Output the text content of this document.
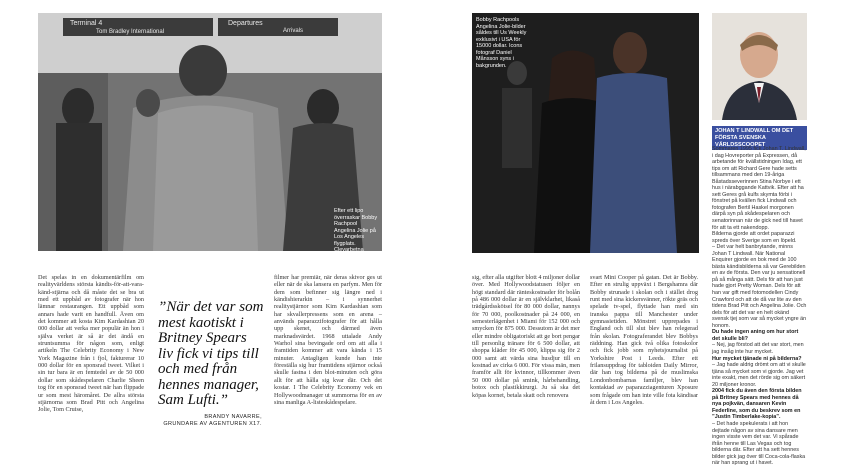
Terminal 4
Tom Bradley International
Departures
Arrivals
Efter ett lipo överraskar Bobby Rachpool Angelina Jolie på Los Angeles flygplats. Clevarbetna mellan bort Bobby, men han får sina bilder.
Bobby Rachpools Angelina Jolie-bilder såldes till Us Weekly exklusivt i USA för 15000 dollar. Icons fotograf Daniel Månsson syns i bakgrunden.
JOHAN T LINDWALL OM DET FÖRSTA SVENSKA VÄRLDSSCOOPET

Sommaren 1995 fick Johan T. Lindwall, i dag Hovreporter på Expressen, då arbetande för kvällstidningen Idag, ett tips om att Richard Gere hade setts tillsammans med den 19-åriga Båstadsseverinnen Stina Norbye i ett hus i närabggande Kattvik. Efter att ha sett Geres grå kulfs skymta förbi i fönstret på kvällen fick Lindwall och fotografen Bertil Haskel morgonen därpå syn på skådespelaren och senatorinnan när de gick ned till havet för att ta ett nakendopp.

Bilderna gjorde att ordet paparazzi spreds över Sverige som en löpeld.

– Det var helt banbrytande, minns Johan T Lindwall. När National Enquirer gjorde en bok med de 100 bästa kändisbilderna så var Gerebilden en av de första. Den var ju sensationell på så många sätt. Dels för att han just hade gjort Pretty Woman. Dels för att han var gift med fotomodellen Cindy Crawford och att de då var lite av den tidens Brad Pitt och Angelina Jolie. Och dels för att det var en helt okänd svensk tjej som var så mycket yngre än honom.

Du hade ingen aning om hur stort det skulle bli?

– Nej, jag förstod att det var stort, men jag insåg inte hur mycket.

Hur mycket tjänade ni på bilderna?

– Jag hade aldrig drömt om att vi skulle tjäna så mycket som vi gjorde. Jag vet inte exakt, men det rörde sig om säkert 20 miljoner kronor.

2004 fick du även den första bilden på Britney Spears med hennes då nya pojkvän, dansaren Kevin Federline, som du beskrev som en ”Justin Timberlake-kopia”.

– Det hade spekulerats i att hon dejtade någon av sina dansare men ingen visste vem det var. Vi spårade ifrån henne till Las Vegas och tog bilderna där. Efter att ha sett hennes bilder gick jag över till Coca-cola-flaska när han sprang ut i havet.

Det spelas in en dokumentärfilm om realityvärldens största kändis-för-att-vara-känd-stjärna och då måste det se bra ut med ett uppbåd av fotografer när hon lämnar restaurangen. Ett uppbåd som annars hade varit en handfull. Även om det kommer att kosta Kim Kardashian 20 000 dollar att verka mer populär än hon i själva verket är så är det ändå en struntsumma för någon som, enligt artikeln The Celebrity Economy i New York Magazine från i fjol, fakturerar 10 000 dollar för en sponsrad tweet. Vilket i sin tur bara är en femtedel av de 50 000 dollar som skådespelaren Charlie Sheen tog för en sponsrad tweet när han flippade ur som mest häromåret. De allra största stjärnorna som Brad Pitt och Angelina Jolie, Tom Cruise,

”När det var som mest kaotiskt i Britney Spears liv fick vi tips till och med från hennes manager, Sam Lufti.”
BRANDY NAVARRE,
GRUNDARE AV AGENTUREN X17.

filmer har premiär, när deras skivor ges ut eller när de ska lansera en parfym. Men för dem som befinner sig längre ned i kändishierarkin – i synnerhet realitystjärnor som Kim Kardashian som har skvallerpressens som en arena – används paparazzifotografer för att hålla upp skenet, och därmed även marknadsvärdet. 1968 uttalade Andy Warhol sina bevingade ord om att alla i framtiden kommer att vara kända i 15 minuter. Antagligen kunde han inte föreställa sig hur framtidens stjärnor också skulle fastna i den blot-minuten och göra allt för att hålla sig kvar där. Och det kostar. I The Celebrity Economy vek en Hollywoodmanager ut summorna för en av sina manliga A-listeskådespelare.

sig, efter alla utgifter blott 4 miljoner dollar över. Med Hollywoodstatusen följer en högt standard där ränteskostnader för bolån på 486 000 dollar är en självklarhet, likaså trädgårdsskötsel för 80 000 dollar, nannys för 70 000, poolkostnader på 24 000, en semesterlägenhet i Miami för 152 000 och smycken för 875 000. Dessutom är det mer eller mindre obligatoriskt att ge bort pengar till personlig tränare för 6 500 dollar, att shoppa kläder för 45 000, klippa sig för 2 000 samt att värda sina husdjur till en kostnad av cirka 6 000. För vissa män, men framför allt för kvinnor, tillkommer även 50 000 dollar på smink, hårbehandling, botox och plastikkirurgi. Ju så ska det köpas kornet, betala skatt och renovera

svart Mini Cooper på gatan. Det är Bobby. Efter en strulig uppväxt i Bergshamra där Bobby strunade i skolan och i stället drog runt med sina kickersvänner, rökte gräs och spelade tv-spel, flyttade han med sin iranska pappa till Manchester under gymnasietiden. Mönstret upprepades i England och till slut blev han relegerad från skolan. Fotograferandet blev Bobbys räddning. Han gick två olika fotoskolor och fick jobb som nyhetsjournalist på Yorkshire Post i Leeds. Efter ett frilansuppdrag för tabloiden Daily Mirror, där han tog bilderna på de muslimska Londonbombarnas familjer, blev han kontaktad av paparazziagenturen Xposure som frågade om han inte ville fota kändisar åt dem i Los Angeles.
